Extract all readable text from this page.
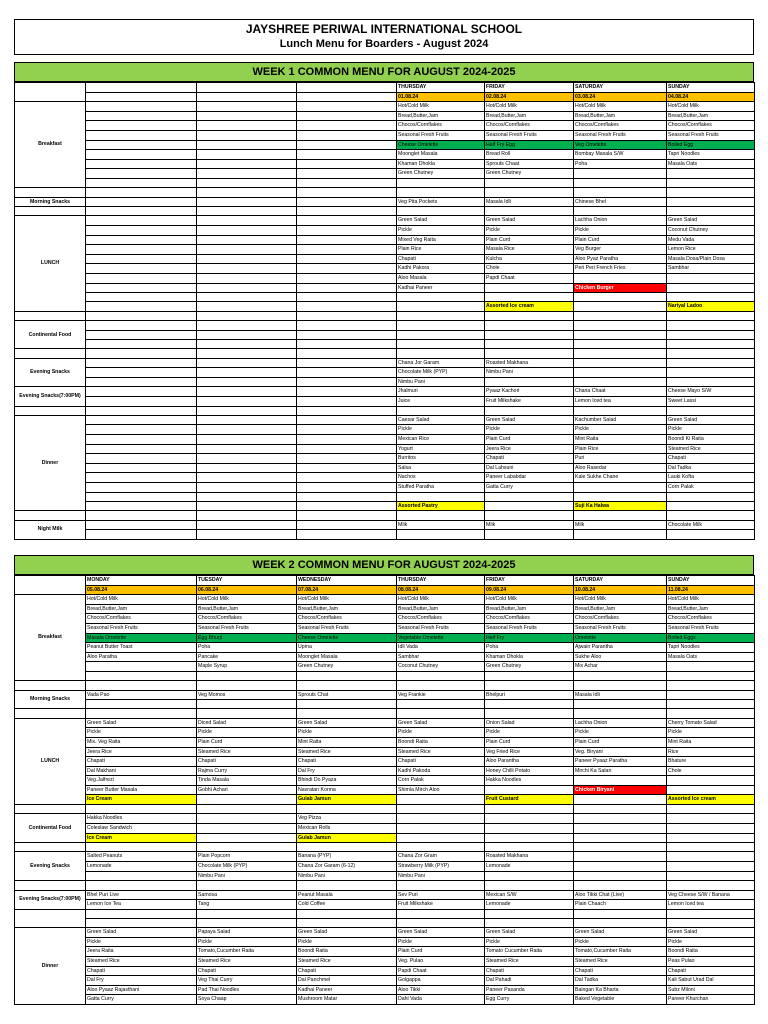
JAYSHREE PERIWAL INTERNATIONAL SCHOOL
Lunch Menu for Boarders - August 2024
WEEK 1 COMMON MENU FOR AUGUST 2024-2025
				THURSDAY	FRIDAY	SATURDAY	SUNDAY
				01.08.24	02.08.24	03.08.24	04.08.24
Breakfast				Hot/Cold Milk	Hot/Cold Milk	Hot/Cold Milk	Hot/Cold Milk
				Bread,Butter,Jam	Bread,Butter,Jam	Bread,Butter,Jam	Bread,Butter,Jam
				Chocos/Cornflakes	Chocos/Cornflakes	Chocos/Cornflakes	Chocos/Cornflakes
				Seasonal Fresh Fruits	Seasonal Fresh Fruits	Seasonal Fresh Fruits	Seasonal Fresh Fruits
				Cheese Omelette	Half Fry Egg	Veg Omelette	Boiled Egg
				Moonglet Masala	Bread Roll	Bombay Masala S/W	Tapri Noodles
				Khaman Dhokla	Sprouts Chaat	Poha	Masala Oats
				Green Chutney	Green Chutney		

Morning Snacks				Veg Pita Pockets	Masala Idli	Chinese Bhel	

LUNCH				Green Salad	Green Salad	Lachha Onion	Green Salad
				Pickle	Pickle	Pickle	Coconut Chutney
				Mixed Veg Raita	Plain Curd	Plain Curd	Medu Vada
				Plain Rice	Masala Rice	Veg Burger	Lemon Rice
				Chapati	Kulcha	Aloo Pyaz Paratha	Masala Dosa/Plain Dosa
				Kadhi Pakora	Chole	Peri Peri French Fries	Sambhar
				Aloo Masala	Papdi Chaat		
				Kadhai Paneer		Chicken Burger	

					Assorted Ice cream		Nariyal Ladoo

Continental Food							

Evening Snacks				Chana Jor Garam	Roasted Makhana		
				Chocolate Milk (PYP)	Nimbu Pani		
				Nimbu Pani			
Evening Snacks(7:00PM)				Jhalmuri	Pyaaz Kachori	Chana Chaat	Cheese Mayo S/W
				Juice	Fruit Milkshake	Lemon Iced tea	Sweet Lassi

Dinner				Caesar Salad	Green Salad	Kachumber Salad	Green Salad
				Pickle	Pickle	Pickle	Pickle
				Mexican Rice	Plain Curd	Mint Raita	Boondi Ki Raita
				Yogurt	Jeera Rice	Plain Rice	Steamed Rice
				Burritos	Chapati	Puri	Chapati
				Salsa	Dal Lahsuni	Aloo Rasedar	Dal Tadka
				Nachos	Paneer Lababdar	Kale Sukhe Chane	Lauki Kofta
				Stuffed Paratha	Gatta Curry		Corn Palak

				Assorted Pastry		Suji Ka Halwa	

Night Milk				Milk	Milk	Milk	Chocolate Milk

WEEK 2 COMMON MENU FOR AUGUST 2024-2025
	MONDAY	TUESDAY	WEDNESDAY	THURSDAY	FRIDAY	SATURDAY	SUNDAY
	05.08.24	06.08.24	07.08.24	08.08.24	09.08.24	10.08.24	11.08.24
Breakfast	Hot/Cold Milk	Hot/Cold Milk	Hot/Cold Milk	Hot/Cold Milk	Hot/Cold Milk	Hot/Cold Milk	Hot/Cold Milk
	Bread,Butter,Jam	Bread,Butter,Jam	Bread,Butter,Jam	Bread,Butter,Jam	Bread,Butter,Jam	Bread,Butter,Jam	Bread,Butter,Jam
	Chocos/Cornflakes	Chocos/Cornflakes	Chocos/Cornflakes	Chocos/Cornflakes	Chocos/Cornflakes	Chocos/Cornflakes	Chocos/Cornflakes
	Seasonal Fresh Fruits	Seasonal Fresh Fruits	Seasonal Fresh Fruits	Seasonal Fresh Fruits	Seasonal Fresh Fruits	Seasonal Fresh Fruits	Seasonal Fresh Fruits
	Masala Omelette	Egg Bhurji	Cheese Omelette	Vegetable Omelette	Half Fry	Omelette	Boiled Eggs
	Peanut Butter Toast	Poha	Upma	Idli Vada	Poha	Ajwain Parantha	Tapri Noodles
	Aloo Paratha	Pancake	Moonglet Masala	Sambhar	Khaman Dhokla	Sukhe Aloo	Masala Oats
		Maple Syrup	Green Chutney	Coconut Chutney	Green Chutney	Mix Achar	

Morning Snacks	Vada Pao	Veg Momos	Sprouts Chat	Veg Frankie	Bhelpuri	Masala Idli	

LUNCH	Green Salad	Diced Salad	Green Salad	Green Salad	Onion Salad	Lachha Onion	Cherry Tomato Salad
	Pickle	Pickle	Pickle	Pickle	Pickle	Pickle	Pickle
	Mix. Veg Raita	Plain Curd	Mint Raita	Boondi Raita	Plain Curd	Plain Curd	Mint Raita
	Jeera Rice	Steamed Rice	Steamed Rice	Steamed Rice	Veg Fried Rice	Veg. Biryani	Rice
	Chapati	Chapati	Chapati	Chapati	Aloo Parantha	Paneer Pyaaz Paratha	Bhature
	Dal Makhani	Rajma Curry	Dal Fry	Kadhi Pakoda	Honey Chilli Potato	Mirchi Ka Salan	Chole
	Veg.Jalfrezi	Tinda Masala	Bhindi Do Pyaza	Corn Palak	Hakka Noodles		
	Paneer Butter Masala	Gobhi Achari	Navratan Korma	Shimla Mirch Aloo		Chicken Biryani	
	Ice Cream		Gulab Jamun		Fruit Custard		Assorted Ice cream

Continental Food	Hakka Noodles		Veg Pizza				
	Coleslaw Sandwich		Mexican Rolls				
	Ice Cream		Gulab Jamun				

Evening Snacks	Salted Peanuts	Plain Popcorn	Banana (PYP)	Chana Zor Gram	Roasted Makhana		
	Lemonade	Chocolate Milk (PYP)	Chana Zor Garam (6-12)	Strawberry Milk (PYP)	Lemonade		
		Nimbu Pani	Nimbu Pani	Nimbu Pani			

Evening Snacks(7:00PM)	Bhel Puri Live	Samosa	Peanut Masala	Sev Puri	Mexican S/W	Aloo Tikki Chat (Live)	Veg Cheese S/W / Banana
	Lemon Ice Tea	Tang	Cold Coffee	Fruit Milkshake	Lemonade	Plain Chaach	Lemon Iced tea

Dinner	Green Salad	Papaya Salad	Green Salad	Green Salad	Green Salad	Green Salad	Green Salad
	Pickle	Pickle	Pickle	Pickle	Pickle	Pickle	Pickle
	Jeera Raita	Tomato,Cucumber Raita	Boondi Raita	Plain Curd	Tomato Cucumber Raita	Tomato,Cucumber Raita	Boondi Raita
	Steamed Rice	Steamed Rice	Steamed Rice	Veg. Pulao	Steamed Rice	Steamed Rice	Peas Pulao
	Chapati	Chapati	Chapati	Papdi Chaat	Chapati	Chapati	Chapati
	Dal Fry	Veg Thai Curry	Dal Panchmel	Golgappa	Dal Pahadi	Dal Tadka	Kali Sabut Urad Dal
	Aloo Pyaaz Rajasthani	Pad Thai Noodles	Kadhai Paneer	Aloo Tikki	Paneer Pasanda	Baingan Ka Bharta	Subz Miloni
	Gatta Curry	Soya Chaap	Mushroom Matar	Dahi Vada	Egg Curry	Baked Vegetable	Paneer Khurchan
